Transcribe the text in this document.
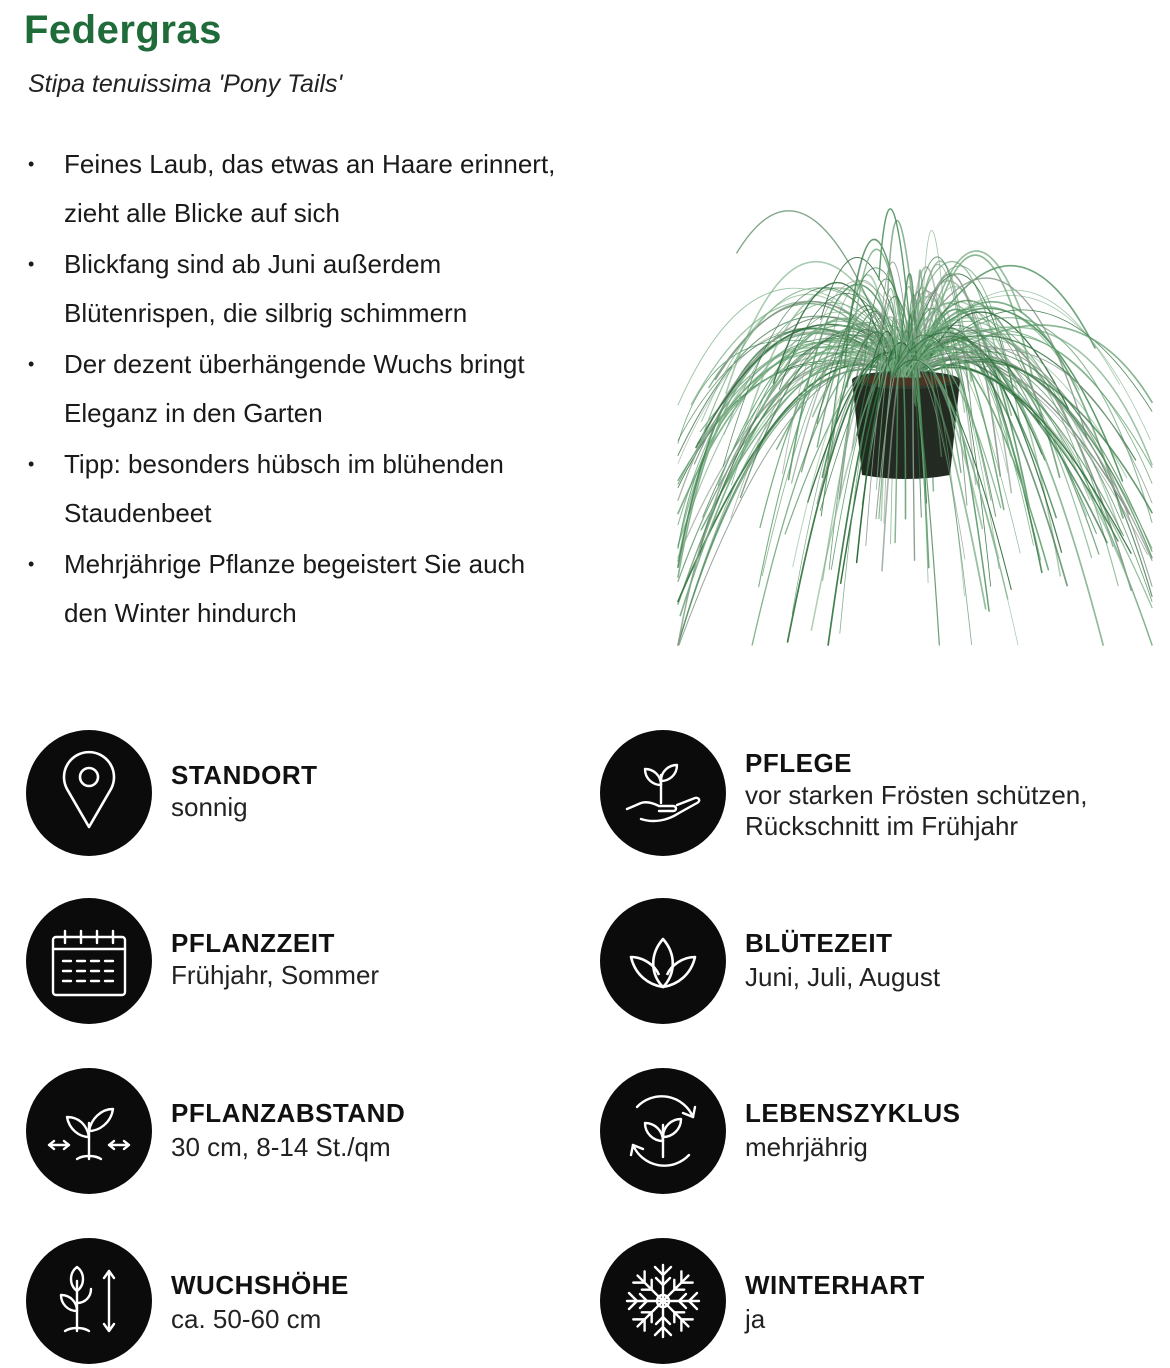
Federgras
Stipa tenuissima 'Pony Tails'
• Feines Laub, das etwas an Haare erinnert,
zieht alle Blicke auf sich
• Blickfang sind ab Juni außerdem
Blütenrispen, die silbrig schimmern
• Der dezent überhängende Wuchs bringt
Eleganz in den Garten
• Tipp: besonders hübsch im blühenden
Staudenbeet
• Mehrjährige Pflanze begeistert Sie auch
den Winter hindurch
STANDORT
sonnig
PFLEGE
vor starken Frösten schützen,
Rückschnitt im Frühjahr
PFLANZZEIT
Frühjahr, Sommer
BLÜTEZEIT
Juni, Juli, August
PFLANZABSTAND
30 cm, 8-14 St./qm
LEBENSZYKLUS
mehrjährig
WUCHSHÖHE
ca. 50-60 cm
WINTERHART
ja
